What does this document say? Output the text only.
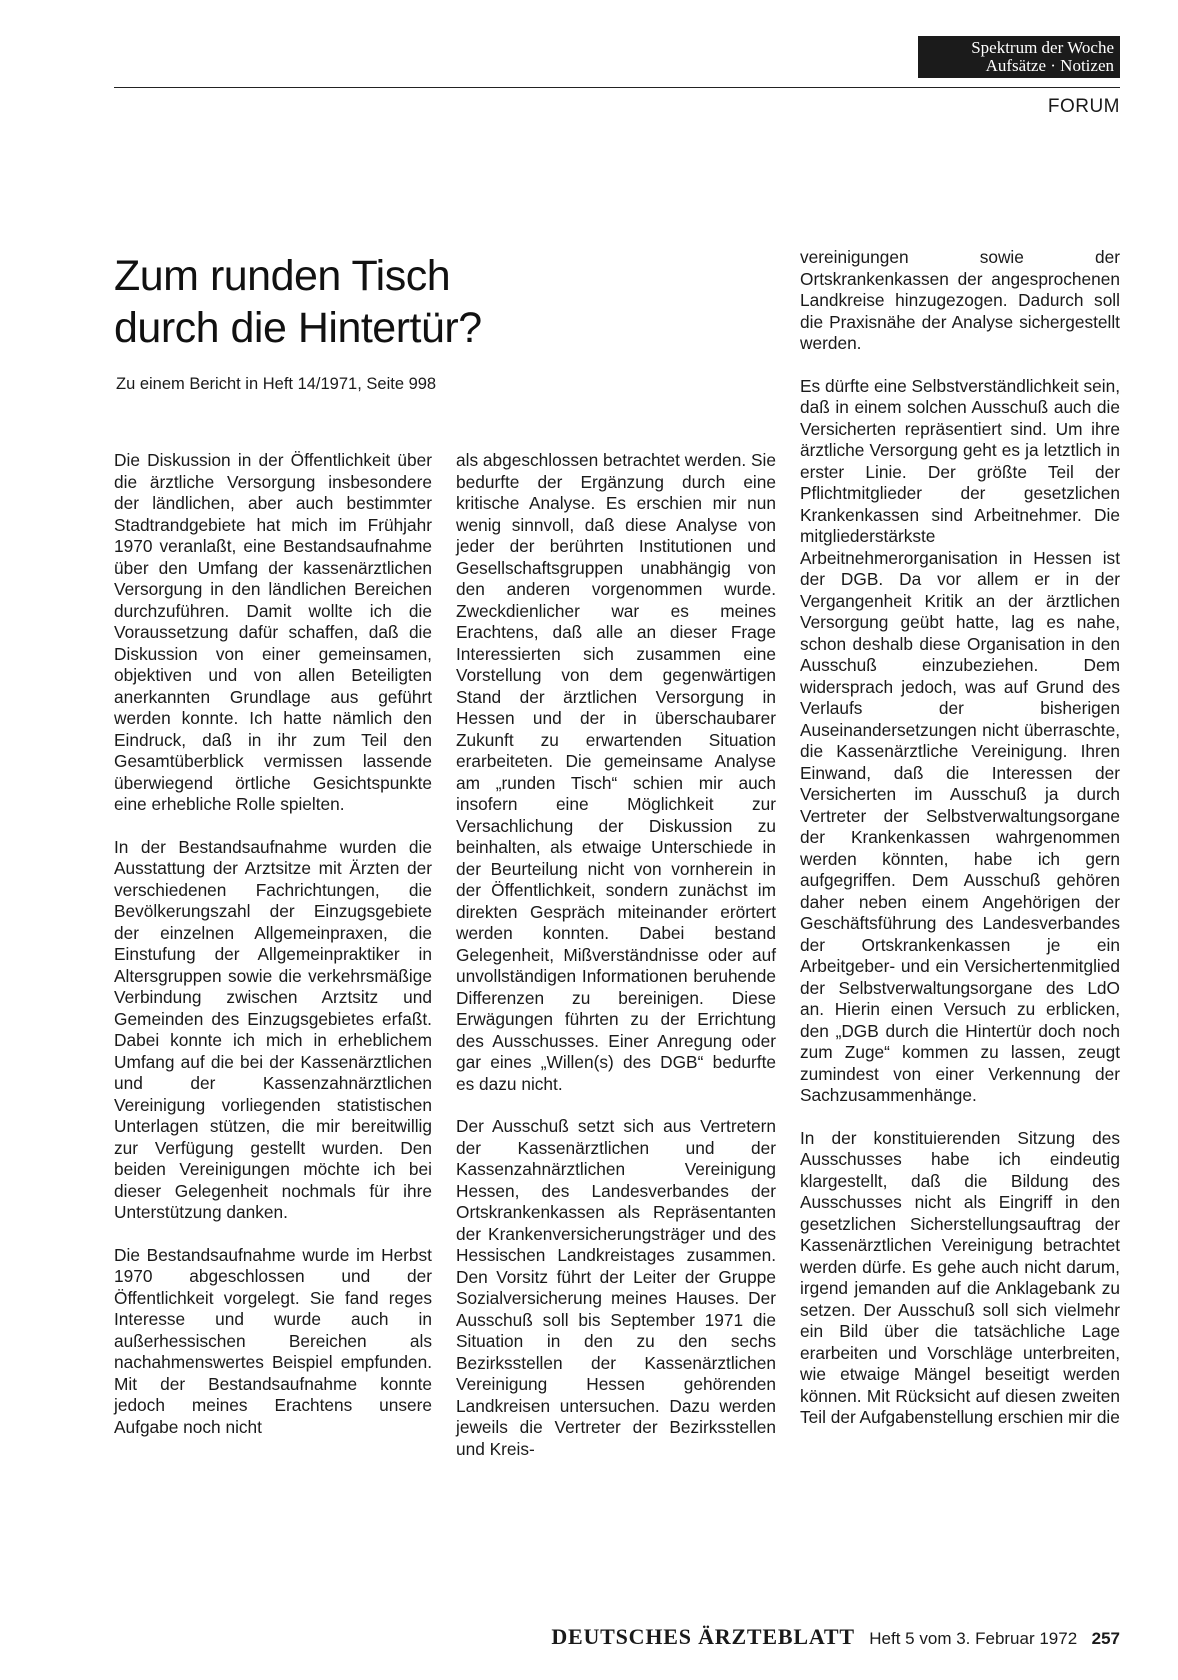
Spektrum der Woche
Aufsätze · Notizen
FORUM
Zum runden Tisch
durch die Hintertür?
Zu einem Bericht in Heft 14/1971, Seite 998

Die Diskussion in der Öffentlichkeit über die ärztliche Versorgung insbesondere der ländlichen, aber auch bestimmter Stadtrandgebiete hat mich im Frühjahr 1970 veranlaßt, eine Bestandsaufnahme über den Umfang der kassenärztlichen Versorgung in den ländlichen Bereichen durchzuführen. Damit wollte ich die Voraussetzung dafür schaffen, daß die Diskussion von einer gemeinsamen, objektiven und von allen Beteiligten anerkannten Grundlage aus geführt werden konnte. Ich hatte nämlich den Eindruck, daß in ihr zum Teil den Gesamtüberblick vermissen lassende überwiegend örtliche Gesichtspunkte eine erhebliche Rolle spielten.

In der Bestandsaufnahme wurden die Ausstattung der Arztsitze mit Ärzten der verschiedenen Fachrichtungen, die Bevölkerungszahl der Einzugsgebiete der einzelnen Allgemeinpraxen, die Einstufung der Allgemeinpraktiker in Altersgruppen sowie die verkehrsmäßige Verbindung zwischen Arztsitz und Gemeinden des Einzugsgebietes erfaßt. Dabei konnte ich mich in erheblichem Umfang auf die bei der Kassenärztlichen und der Kassenzahnärztlichen Vereinigung vorliegenden statistischen Unterlagen stützen, die mir bereitwillig zur Verfügung gestellt wurden. Den beiden Vereinigungen möchte ich bei dieser Gelegenheit nochmals für ihre Unterstützung danken.

Die Bestandsaufnahme wurde im Herbst 1970 abgeschlossen und der Öffentlichkeit vorgelegt. Sie fand reges Interesse und wurde auch in außerhessischen Bereichen als nachahmenswertes Beispiel empfunden. Mit der Bestandsaufnahme konnte jedoch meines Erachtens unsere Aufgabe noch nicht

als abgeschlossen betrachtet werden. Sie bedurfte der Ergänzung durch eine kritische Analyse. Es erschien mir nun wenig sinnvoll, daß diese Analyse von jeder der berührten Institutionen und Gesellschaftsgruppen unabhängig von den anderen vorgenommen wurde. Zweckdienlicher war es meines Erachtens, daß alle an dieser Frage Interessierten sich zusammen eine Vorstellung von dem gegenwärtigen Stand der ärztlichen Versorgung in Hessen und der in überschaubarer Zukunft zu erwartenden Situation erarbeiteten. Die gemeinsame Analyse am „runden Tisch“ schien mir auch insofern eine Möglichkeit zur Versachlichung der Diskussion zu beinhalten, als etwaige Unterschiede in der Beurteilung nicht von vornherein in der Öffentlichkeit, sondern zunächst im direkten Gespräch miteinander erörtert werden konnten. Dabei bestand Gelegenheit, Mißverständnisse oder auf unvollständigen Informationen beruhende Differenzen zu bereinigen. Diese Erwägungen führten zu der Errichtung des Ausschusses. Einer Anregung oder gar eines „Willen(s) des DGB“ bedurfte es dazu nicht.

Der Ausschuß setzt sich aus Vertretern der Kassenärztlichen und der Kassenzahnärztlichen Vereinigung Hessen, des Landesverbandes der Ortskrankenkassen als Repräsentanten der Krankenversicherungsträger und des Hessischen Landkreistages zusammen. Den Vorsitz führt der Leiter der Gruppe Sozialversicherung meines Hauses. Der Ausschuß soll bis September 1971 die Situation in den zu den sechs Bezirksstellen der Kassenärztlichen Vereinigung Hessen gehörenden Landkreisen untersuchen. Dazu werden jeweils die Vertreter der Bezirksstellen und Kreis-

vereinigungen sowie der Ortskrankenkassen der angesprochenen Landkreise hinzugezogen. Dadurch soll die Praxisnähe der Analyse sichergestellt werden.

Es dürfte eine Selbstverständlichkeit sein, daß in einem solchen Ausschuß auch die Versicherten repräsentiert sind. Um ihre ärztliche Versorgung geht es ja letztlich in erster Linie. Der größte Teil der Pflichtmitglieder der gesetzlichen Krankenkassen sind Arbeitnehmer. Die mitgliederstärkste Arbeitnehmerorganisation in Hessen ist der DGB. Da vor allem er in der Vergangenheit Kritik an der ärztlichen Versorgung geübt hatte, lag es nahe, schon deshalb diese Organisation in den Ausschuß einzubeziehen. Dem widersprach jedoch, was auf Grund des Verlaufs der bisherigen Auseinandersetzungen nicht überraschte, die Kassenärztliche Vereinigung. Ihren Einwand, daß die Interessen der Versicherten im Ausschuß ja durch Vertreter der Selbstverwaltungsorgane der Krankenkassen wahrgenommen werden könnten, habe ich gern aufgegriffen. Dem Ausschuß gehören daher neben einem Angehörigen der Geschäftsführung des Landesverbandes der Ortskrankenkassen je ein Arbeitgeber- und ein Versichertenmitglied der Selbstverwaltungsorgane des LdO an. Hierin einen Versuch zu erblicken, den „DGB durch die Hintertür doch noch zum Zuge“ kommen zu lassen, zeugt zumindest von einer Verkennung der Sachzusammenhänge.

In der konstituierenden Sitzung des Ausschusses habe ich eindeutig klargestellt, daß die Bildung des Ausschusses nicht als Eingriff in den gesetzlichen Sicherstellungsauftrag der Kassenärztlichen Vereinigung betrachtet werden dürfe. Es gehe auch nicht darum, irgend jemanden auf die Anklagebank zu setzen. Der Ausschuß soll sich vielmehr ein Bild über die tatsächliche Lage erarbeiten und Vorschläge unterbreiten, wie etwaige Mängel beseitigt werden können. Mit Rücksicht auf diesen zweiten Teil der Aufgabenstellung erschien mir die

DEUTSCHES ÄRZTEBLATT Heft 5 vom 3. Februar 1972 257
